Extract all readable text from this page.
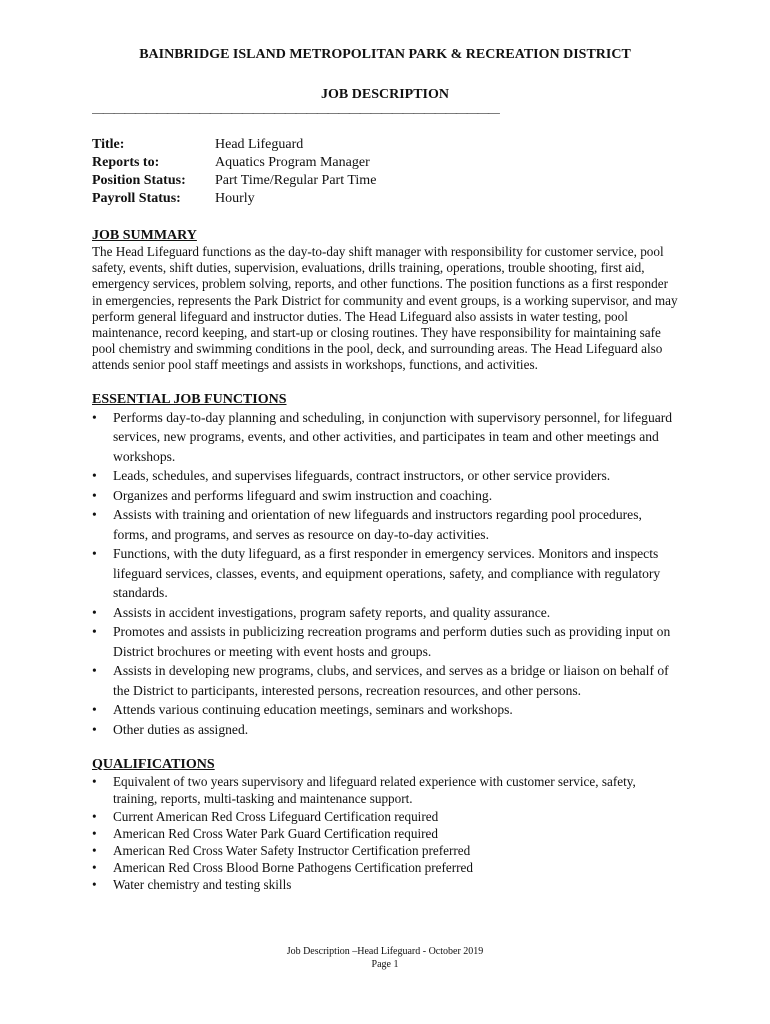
BAINBRIDGE ISLAND METROPOLITAN PARK & RECREATION DISTRICT

JOB DESCRIPTION

——————————————————————————————————————
Title:	Head Lifeguard
Reports to:	Aquatics Program Manager
Position Status:	Part Time/Regular Part Time
Payroll Status:	Hourly

JOB SUMMARY

The Head Lifeguard functions as the day-to-day shift manager with responsibility for customer service, pool safety, events, shift duties, supervision, evaluations, drills training, operations, trouble shooting, first aid, emergency services, problem solving, reports, and other functions. The position functions as a first responder in emergencies, represents the Park District for community and event groups, is a working supervisor, and may perform general lifeguard and instructor duties. The Head Lifeguard also assists in water testing, pool maintenance, record keeping, and start-up or closing routines. They have responsibility for maintaining safe pool chemistry and swimming conditions in the pool, deck, and surrounding areas. The Head Lifeguard also attends senior pool staff meetings and assists in workshops, functions, and activities.

ESSENTIAL JOB FUNCTIONS

• Performs day-to-day planning and scheduling, in conjunction with supervisory personnel, for lifeguard services, new programs, events, and other activities, and participates in team and other meetings and workshops.
• Leads, schedules, and supervises lifeguards, contract instructors, or other service providers.
• Organizes and performs lifeguard and swim instruction and coaching.
• Assists with training and orientation of new lifeguards and instructors regarding pool procedures, forms, and programs, and serves as resource on day-to-day activities.
• Functions, with the duty lifeguard, as a first responder in emergency services. Monitors and inspects lifeguard services, classes, events, and equipment operations, safety, and compliance with regulatory standards.
• Assists in accident investigations, program safety reports, and quality assurance.
• Promotes and assists in publicizing recreation programs and perform duties such as providing input on District brochures or meeting with event hosts and groups.
• Assists in developing new programs, clubs, and services, and serves as a bridge or liaison on behalf of the District to participants, interested persons, recreation resources, and other persons.
• Attends various continuing education meetings, seminars and workshops.
• Other duties as assigned.

QUALIFICATIONS

• Equivalent of two years supervisory and lifeguard related experience with customer service, safety, training, reports, multi-tasking and maintenance support.
• Current American Red Cross Lifeguard Certification required
• American Red Cross Water Park Guard Certification required
• American Red Cross Water Safety Instructor Certification preferred
• American Red Cross Blood Borne Pathogens Certification preferred
• Water chemistry and testing skills
Job Description –Head Lifeguard - October 2019
Page 1
